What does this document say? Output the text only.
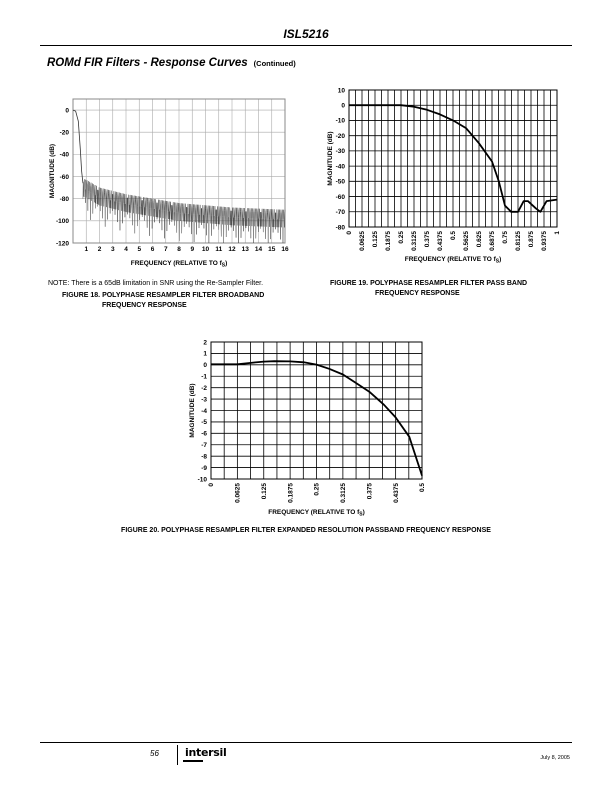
ISL5216
ROMd FIR Filters - Response Curves (Continued)
0
-20
-40
-60
-80
-100
-120
1 2 3 4 5 6 7 8 9 10 11 12 13 14 15 16
FREQUENCY (RELATIVE TO $f_S$)
MAGNITUDE (dB)
10
0
-10
-20
-30
-40
-50
-60
-70
-80
0 0.0625 0.125 0.1875 0.25 0.3125 0.375 0.4375 0.5 0.5625 0.625 0.6875 0.75 0.8125 0.875 0.9375 1
FREQUENCY (RELATIVE TO $f_S$)
MAGNITUDE (dB)
2
1
0
-1
-2
-3
-4
-5
-6
-7
-8
-9
-10
0	0.0625	0.125	0.1875	0.25	0.3125	0.375	0.4375	0.5
FREQUENCY (RELATIVE TO $f_S$)
MAGNITUDE (dB)
NOTE: There is a 65dB limitation in SNR using the Re-Sampler Filter.
FIGURE 18. POLYPHASE RESAMPLER FILTER BROADBAND
FREQUENCY RESPONSE
FIGURE 19. POLYPHASE RESAMPLER FILTER PASS BAND
FREQUENCY RESPONSE
FIGURE 20. POLYPHASE RESAMPLER FILTER EXPANDED RESOLUTION PASSBAND FREQUENCY RESPONSE
56 intersil	July 8, 2005
